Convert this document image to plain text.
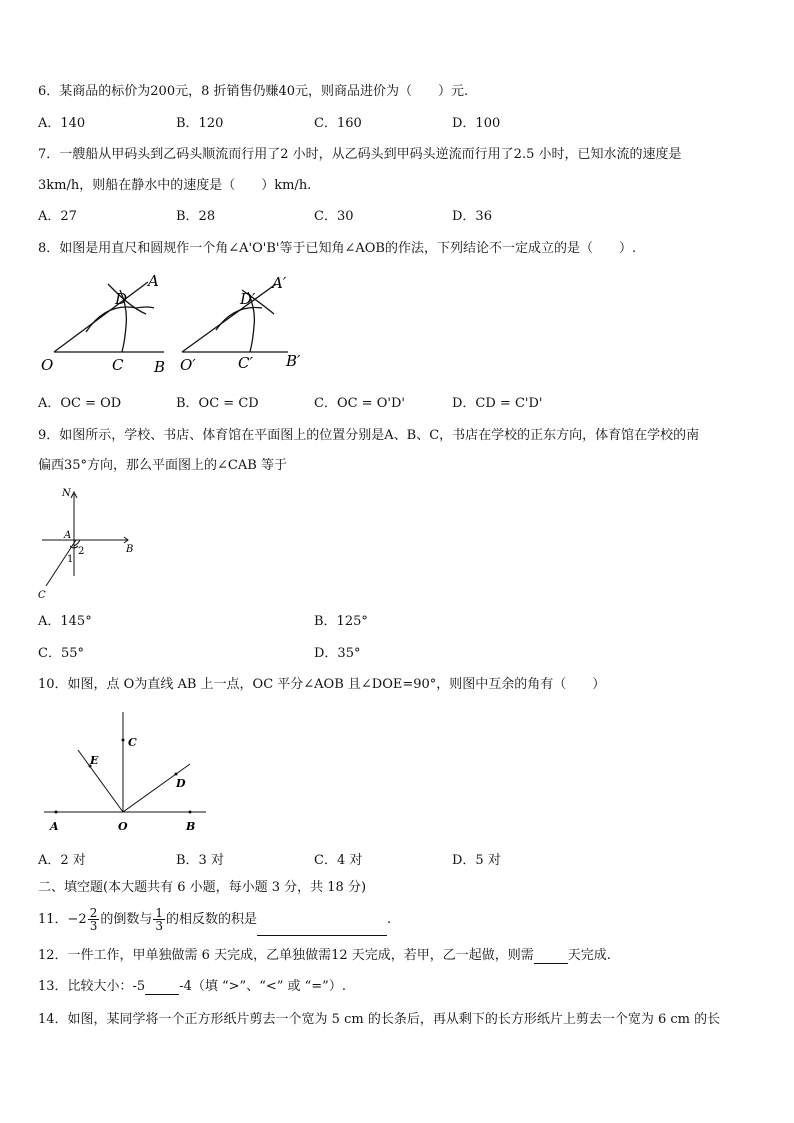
6．某商品的标价为200元，8 折销售仍赚40元，则商品进价为（　　）元.
A．140	B．120	C．160	D．100
7．一艘船从甲码头到乙码头顺流而行用了2 小时，从乙码头到甲码头逆流而行用了2.5 小时，已知水流的速度是
3km/h，则船在静水中的速度是（　　）km/h.
A．27	B．28	C．30	D．36
8．如图是用直尺和圆规作一个角∠A'O'B'等于已知角∠AOB的作法，下列结论不一定成立的是（　　）.
O	C B
D
A
O′	C′ B′
D′
A′
A．OC = OD	B．OC = CD	C．OC = O'D'	D．CD = C'D'
9．如图所示，学校、书店、体育馆在平面图上的位置分别是A、B、C，书店在学校的正东方向，体育馆在学校的南
偏西35°方向，那么平面图上的∠CAB 等于
N
A
B
C
1
2
A．145°	B．125°
C．55°	D．35°
10．如图，点 O为直线 AB 上一点，OC 平分∠AOB 且∠DOE=90°，则图中互余的角有（　　）
A	O	B
C
D
E
A．2 对	B．3 对	C．4 对	D．5 对
二、填空题(本大题共有 6 小题，每小题 3 分，共 18 分)
11．$-2 \frac{2}{3}$ 的倒数与 $\frac{1}{3}$ 的相反数的积是	.
12．一件工作，甲单独做需 6 天完成，乙单独做需12 天完成，若甲，乙一起做，则需	天完成.
13．比较大小：-5	-4（填 “>”、“<” 或 “=”）.
14．如图，某同学将一个正方形纸片剪去一个宽为 5 cm 的长条后，再从剩下的长方形纸片上剪去一个宽为 6 cm 的长
